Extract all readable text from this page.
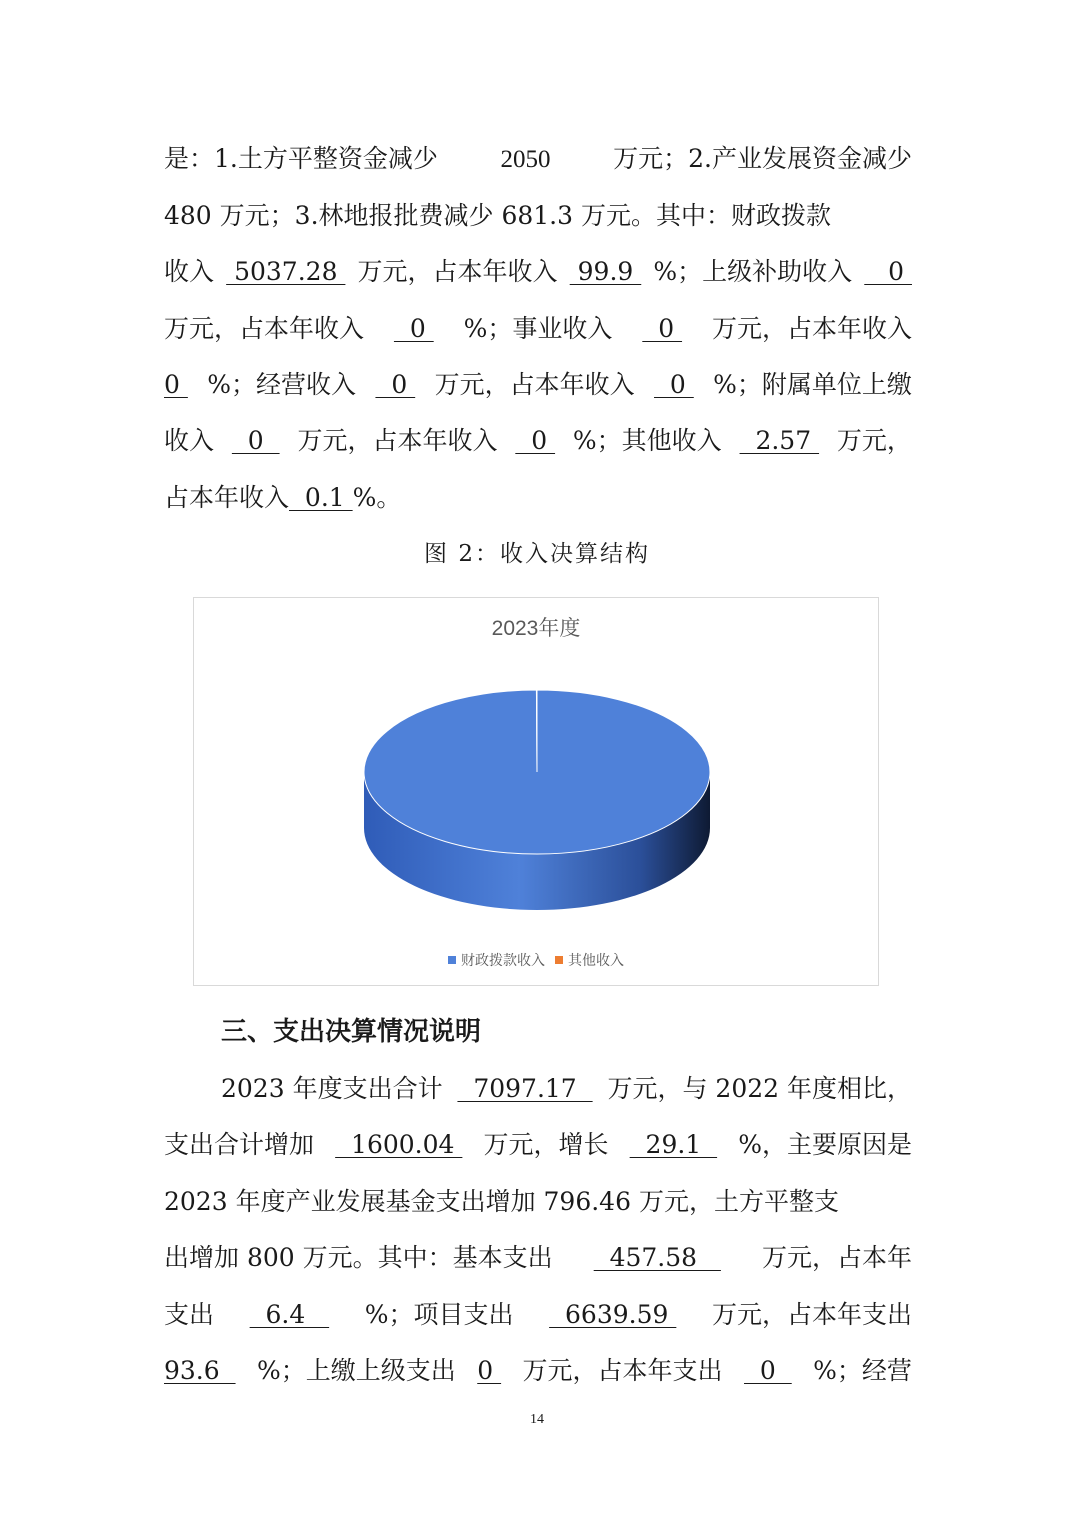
是：1.土方平整资金减少	2050	万元；2.产业发展资金减少
480 万元；3.林地报批费减少 681.3 万元。其中：财政拨款
收入 5037.28 万元，占本年收入 99.9 %；上级补助收入 0
万元，占本年收入 0 %；事业收入 0 万元，占本年收入
0 %；经营收入 0 万元，占本年收入 0 %；附属单位上缴
收入 0 万元，占本年收入 0 %；其他收入 2.57 万元，
占本年收入 0.1 %。
图 2：收入决算结构
2023年度
财政拨款收入 其他收入
三、支出决算情况说明
2023 年度支出合计 7097.17 万元，与 2022 年度相比，
支出合计增加 1600.04 万元，增长 29.1 %，主要原因是
2023 年度产业发展基金支出增加 796.46 万元，土方平整支
出增加 800 万元。其中：基本支出 457.58 万元，占本年
支出 6.4 %；项目支出 6639.59 万元，占本年支出
93.6 %；上缴上级支出 0 万元，占本年支出 0 %；经营
14
